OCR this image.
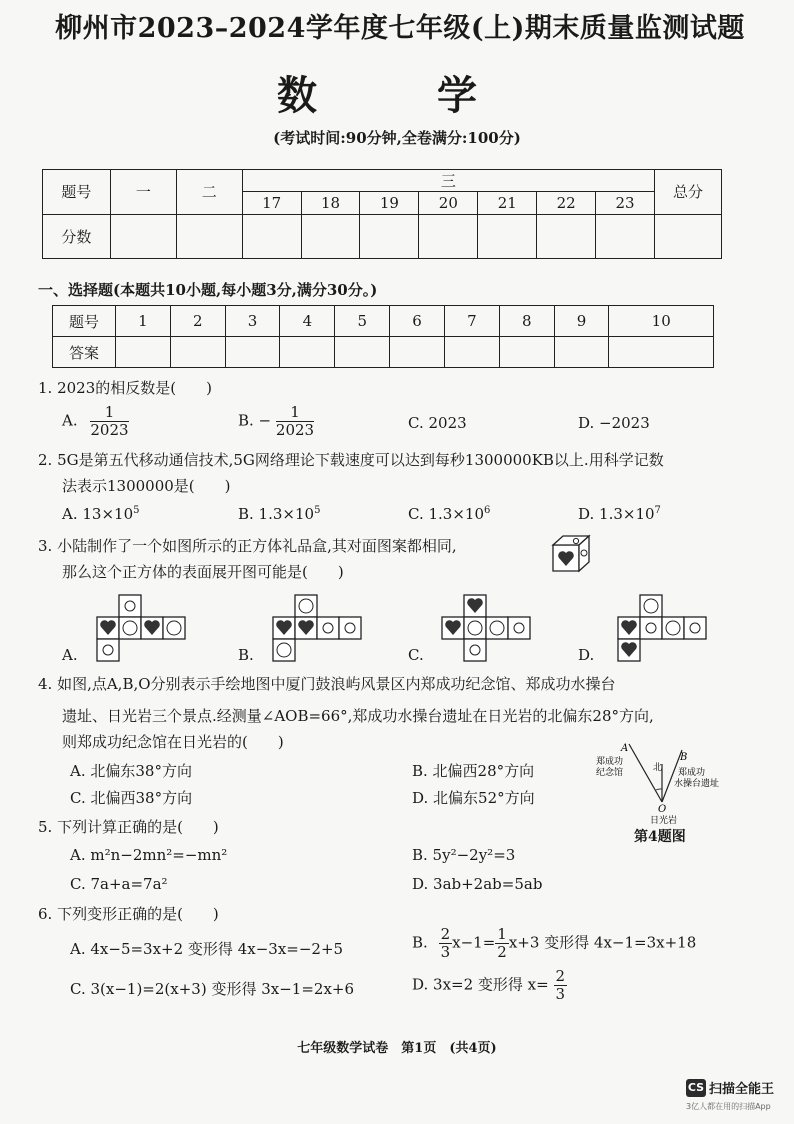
柳州市2023–2024学年度七年级(上)期末质量监测试题
数　学
(考试时间:90分钟,全卷满分:100分)
题号	一	二	三							总分
			17	18	19	20	21	22	23	
分数										
一、选择题(本题共10小题,每小题3分,满分30分。)
题号	1	2	3	4	5	6	7	8	9	10
答案										
1. 2023的相反数是(　　)
A. $\frac{1}{2023}$	B. − $\frac{1}{2023}$	C. 2023	D. −2023
2. 5G是第五代移动通信技术,5G网络理论下载速度可以达到每秒1300000KB以上.用科学记数
法表示1300000是(　　)
A. $13\times 10^5$	B. $1.3\times 10^5$	C. $1.3\times 10^6$	D. $1.3\times 10^7$
3. 小陆制作了一个如图所示的正方体礼品盒,其对面图案都相同,
那么这个正方体的表面展开图可能是(　　)
A.	B.	C.	D.
4. 如图,点A,B,O分别表示手绘地图中厦门鼓浪屿风景区内郑成功纪念馆、郑成功水操台
遗址、日光岩三个景点.经测量∠AOB=66°,郑成功水操台遗址在日光岩的北偏东28°方向,
则郑成功纪念馆在日光岩的(　　)
A. 北偏东38°方向	B. 北偏西28°方向
C. 北偏西38°方向	D. 北偏东52°方向
A
郑成功
纪念馆	北
B
郑成功
水操台遗址
O
日光岩
第4题图
5. 下列计算正确的是(　　)
A. m²n−2mn²=−mn²	B. 5y²−2y²=3
C. 7a+a=7a²	D. 3ab+2ab=5ab
6. 下列变形正确的是(　　)
A. 4x−5=3x+2 变形得 4x−3x=−2+5	B. $\frac{2}{3} x-1= \frac{1}{2} x+3$ 变形得 4x−1=3x+18
C. 3(x−1)=2(x+3) 变形得 3x−1=2x+6	D. 3x=2 变形得 $x= \frac{2}{3}$
七年级数学试卷　第1页　(共4页)
CS 扫描全能王
3亿人都在用的扫描App
